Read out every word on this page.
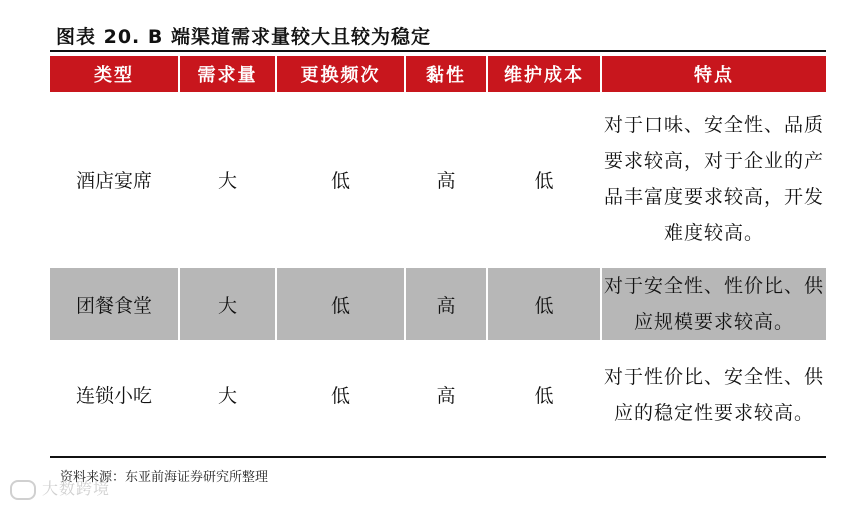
图表 20. B 端渠道需求量较大且较为稳定
类型	需求量	更换频次	黏性	维护成本	特点
酒店宴席	大	低	高	低	对于口味、安全性、品质要求较高，对于企业的产品丰富度要求较高，开发难度较高。
团餐食堂	大	低	高	低	对于安全性、性价比、供应规模要求较高。
连锁小吃	大	低	高	低	对于性价比、安全性、供应的稳定性要求较高。
资料来源：东亚前海证券研究所整理
大数跨境
